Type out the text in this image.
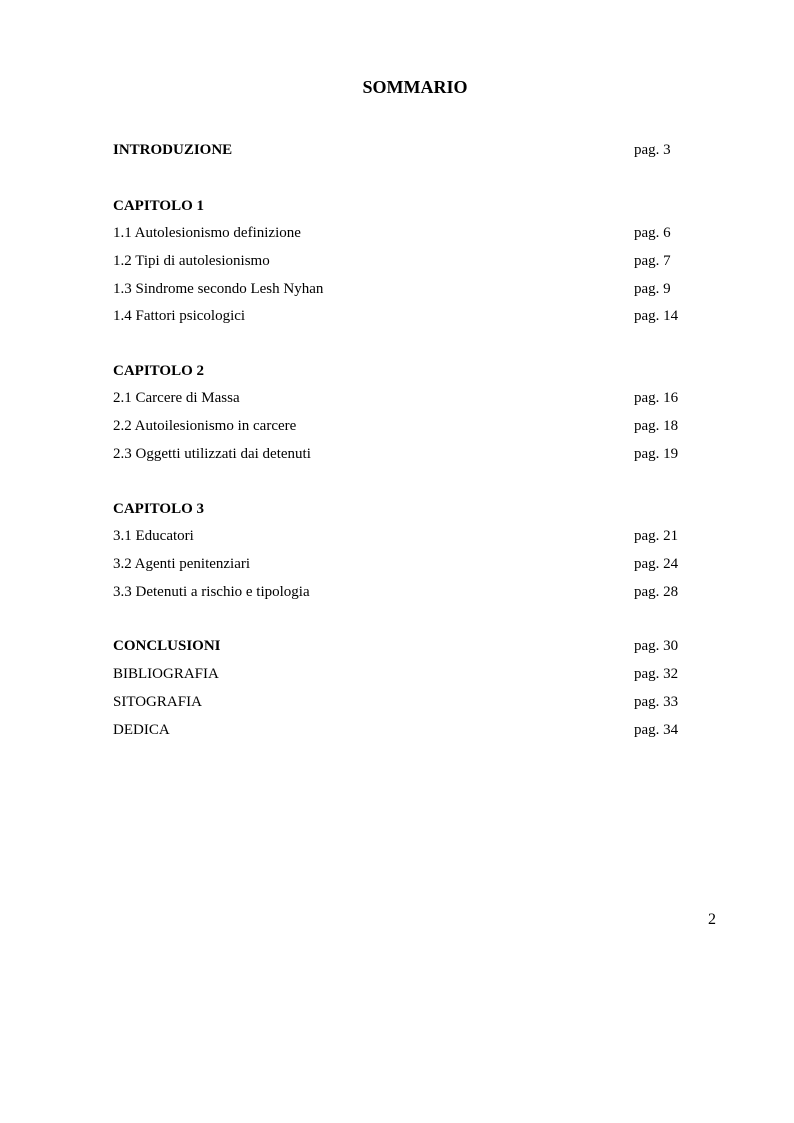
SOMMARIO
INTRODUZIONE	pag. 3
CAPITOLO 1
1.1 Autolesionismo definizione	pag. 6
1.2 Tipi di autolesionismo	pag. 7
1.3 Sindrome secondo Lesh Nyhan	pag. 9
1.4 Fattori psicologici	pag. 14
CAPITOLO 2
2.1 Carcere di Massa	pag. 16
2.2 Autoilesionismo in carcere	pag. 18
2.3 Oggetti utilizzati dai detenuti	pag. 19
CAPITOLO 3
3.1 Educatori	pag. 21
3.2 Agenti penitenziari	pag. 24
3.3 Detenuti a rischio e tipologia	pag. 28
CONCLUSIONI	pag. 30
BIBLIOGRAFIA	pag. 32
SITOGRAFIA	pag. 33
DEDICA	pag. 34
2
